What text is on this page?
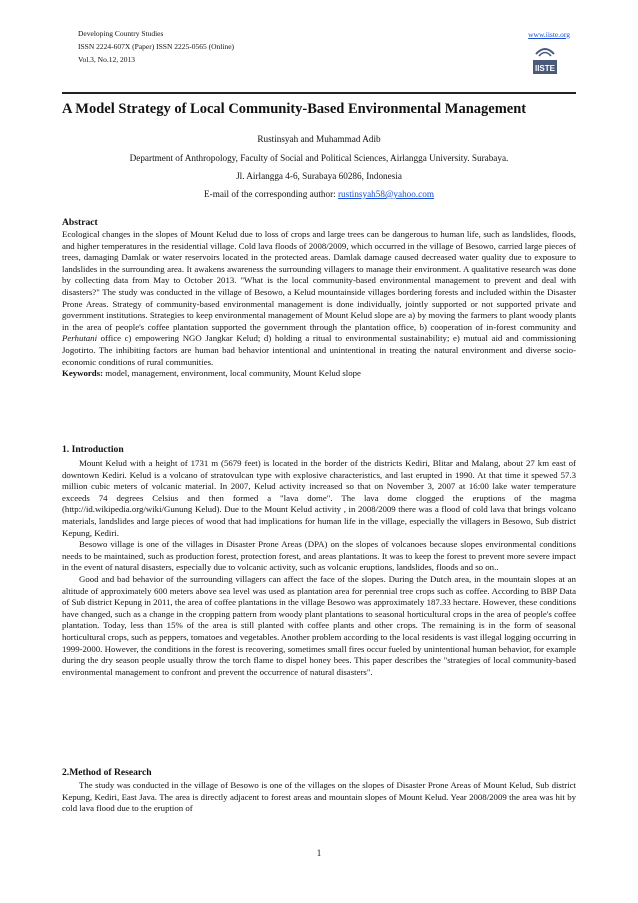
Developing Country Studies
ISSN 2224-607X (Paper) ISSN 2225-0565 (Online)
Vol.3, No.12, 2013
www.iiste.org
IISTE
A Model Strategy of Local Community-Based Environmental Management
Rustinsyah and Muhammad Adib
Department of Anthropology, Faculty of Social and Political Sciences, Airlangga University. Surabaya.
Jl. Airlangga 4-6, Surabaya 60286, Indonesia
E-mail of the corresponding author: rustinsyah58@yahoo.com
Abstract

Ecological changes in the slopes of Mount Kelud due to loss of crops and large trees can be dangerous to human life, such as landslides, floods, and higher temperatures in the residential village. Cold lava floods of 2008/2009, which occurred in the village of Besowo, carried large pieces of trees, damaging Damlak or water reservoirs located in the protected areas. Damlak damage caused decreased water quality due to exposure to landslides in the surrounding area. It awakens awareness the surrounding villagers to manage their environment. A qualitative research was done by collecting data from May to October 2013. "What is the local community-based environmental management to prevent and deal with disasters?" The study was conducted in the village of Besowo, a Kelud mountainside villages bordering forests and included within the Disaster Prone Areas. Strategy of community-based environmental management is done individually, jointly supported or not supported private and government institutions. Strategies to keep environmental management of Mount Kelud slope are a) by moving the farmers to plant woody plants in the area of people's coffee plantation supported the government through the plantation office, b) cooperation of in-forest community and Perhutani office c) empowering NGO Jangkar Kelud; d) holding a ritual to environmental sustainability; e) mutual aid and commissioning Jogotirto. The inhibiting factors are human bad behavior intentional and unintentional in treating the natural environment and diverse socio- economic conditions of rural communities.

Keywords: model, management, environment, local community, Mount Kelud slope

1. Introduction

Mount Kelud with a height of 1731 m (5679 feet) is located in the border of the districts Kediri, Blitar and Malang, about 27 km east of downtown Kediri. Kelud is a volcano of stratovulcan type with explosive characteristics, and last erupted in 1990. At that time it spewed 57.3 million cubic meters of volcanic material. In 2007, Kelud activity increased so that on November 3, 2007 at 16:00 lake water temperature exceeds 74 degrees Celsius and then formed a "lava dome". The lava dome clogged the eruptions of the magma (http://id.wikipedia.org/wiki/Gunung Kelud). Due to the Mount Kelud activity , in 2008/2009 there was a flood of cold lava that brings volcano materials, landslides and large pieces of wood that had implications for human life in the village, especially the villagers in Besowo, Sub district Kepung, Kediri.

Besowo village is one of the villages in Disaster Prone Areas (DPA) on the slopes of volcanoes because slopes environmental conditions needs to be maintained, such as production forest, protection forest, and areas plantations. It was to keep the forest to prevent more severe impact in the event of natural disasters, especially due to volcanic activity, such as volcanic eruptions, landslides, floods and so on..

Good and bad behavior of the surrounding villagers can affect the face of the slopes. During the Dutch area, in the mountain slopes at an altitude of approximately 600 meters above sea level was used as plantation area for perennial tree crops such as coffee. According to BBP Data of Sub district Kepung in 2011, the area of coffee plantations in the village Besowo was approximately 187.33 hectare. However, these conditions have changed, such as a change in the cropping pattern from woody plant plantations to seasonal horticultural crops in the area of people's coffee plantation. Today, less than 15% of the area is still planted with coffee plants and other crops. The remaining is in the form of seasonal horticultural crops, such as peppers, tomatoes and vegetables. Another problem according to the local residents is vast illegal logging occurring in 1999-2000. However, the conditions in the forest is recovering, sometimes small fires occur fueled by unintentional human behavior, for example during the dry season people usually throw the torch flame to dispel honey bees. This paper describes the "strategies of local community-based environmental management to confront and prevent the occurrence of natural disasters".

2.Method of Research

The study was conducted in the village of Besowo is one of the villages on the slopes of Disaster Prone Areas of Mount Kelud, Sub district Kepung, Kediri, East Java. The area is directly adjacent to forest areas and mountain slopes of Mount Kelud. Year 2008/2009 the area was hit by cold lava flood due to the eruption of

1
